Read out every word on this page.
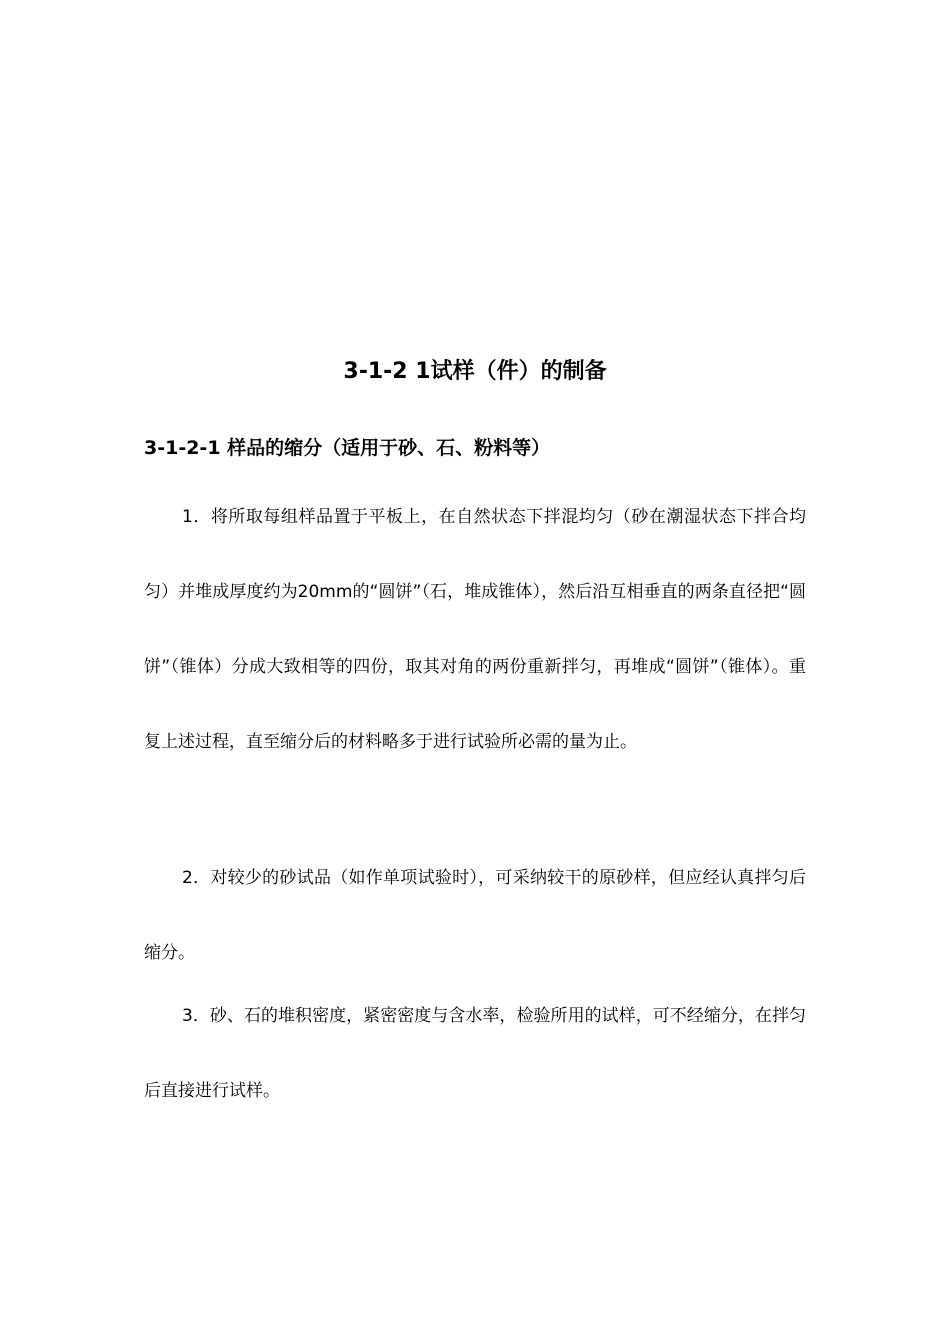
3-1-2 1试样（件）的制备
3-1-2-1 样品的缩分（适用于砂、石、粉料等）

1．将所取每组样品置于平板上，在自然状态下拌混均匀（砂在潮湿状态下拌合均匀）并堆成厚度约为20mm的“圆饼”（石，堆成锥体），然后沿互相垂直的两条直径把“圆饼”（锥体）分成大致相等的四份，取其对角的两份重新拌匀，再堆成“圆饼”（锥体）。重复上述过程，直至缩分后的材料略多于进行试验所必需的量为止。

2．对较少的砂试品（如作单项试验时），可采纳较干的原砂样，但应经认真拌匀后缩分。

3．砂、石的堆积密度，紧密密度与含水率，检验所用的试样，可不经缩分，在拌匀后直接进行试样。
